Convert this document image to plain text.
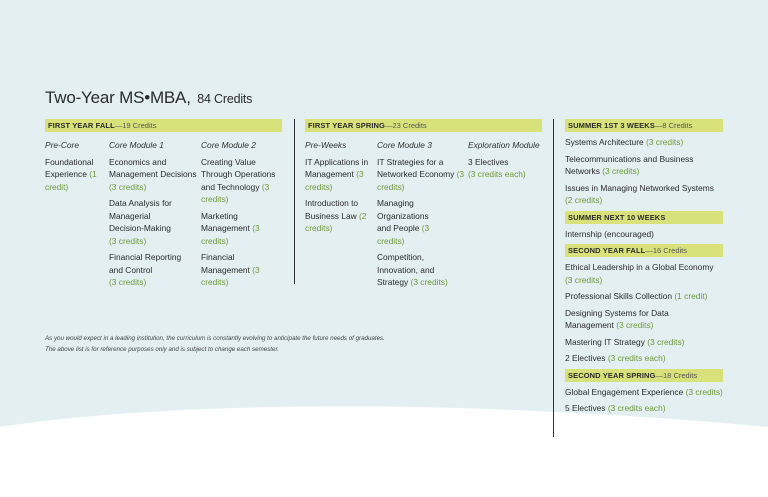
Two-Year MS•MBA, 84 Credits
FIRST YEAR FALL—19 Credits
Pre-Core
Foundational Experience (1 credit)
Core Module 1
Economics and Management Decisions (3 credits)
Data Analysis for Managerial Decision-Making (3 credits)
Financial Reporting and Control
(3 credits)
Core Module 2
Creating Value Through Operations and Technology (3 credits)
Marketing Management (3 credits)
Financial Management (3 credits)
FIRST YEAR SPRING—23 Credits
Pre-Weeks
IT Applications in Management (3 credits)
Introduction to Business Law (2 credits)
Core Module 3
IT Strategies for a Networked Economy (3 credits)
Managing Organizations and People (3 credits)
Competition, Innovation, and Strategy (3 credits)
Exploration Module
3 Electives
(3 credits each)
As you would expect in a leading institution, the curriculum is constantly evolving to anticipate the future needs of graduates.
The above list is for reference purposes only and is subject to change each semester.
SUMMER 1ST 3 WEEKS—8 Credits
Systems Architecture (3 credits)
Telecommunications and Business Networks (3 credits)
Issues in Managing Networked Systems (2 credits)
SUMMER NEXT 10 WEEKS
Internship (encouraged)
SECOND YEAR FALL—16 Credits
Ethical Leadership in a Global Economy (3 credits)
Professional Skills Collection (1 credit)
Designing Systems for Data Management (3 credits)
Mastering IT Strategy (3 credits)
2 Electives (3 credits each)
SECOND YEAR SPRING—18 Credits
Global Engagement Experience (3 credits)
5 Electives (3 credits each)
